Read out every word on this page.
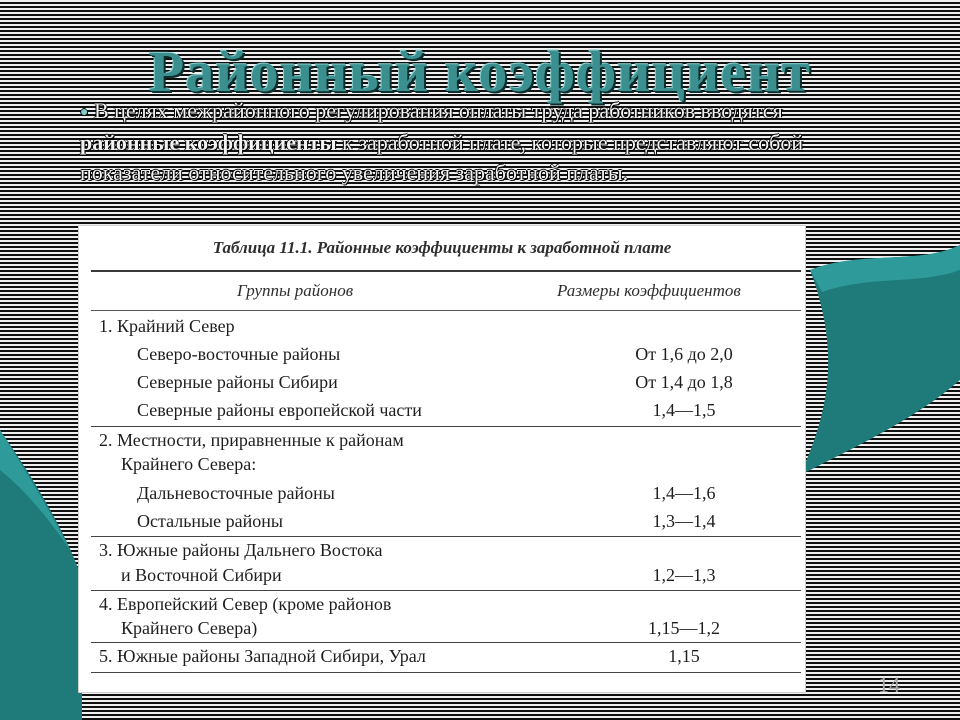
Районный коэффициент
● В целях межрайонного регулирования оплаты труда работников вводятся районные коэффициенты к заработной плате, которые представляют собой показатели относительного увеличения заработной платы.
Таблица 11.1. Районные коэффициенты к заработной плате
Группы районов	Размеры коэффициентов
1. Крайний Север
Северо-восточные районы	От 1,6 до 2,0
Северные районы Сибири	От 1,4 до 1,8
Северные районы европейской части	1,4—1,5
2. Местности, приравненные к районам
Крайнего Севера:
Дальневосточные районы	1,4—1,6
Остальные районы	1,3—1,4
3. Южные районы Дальнего Востока
и Восточной Сибири	1,2—1,3
4. Европейский Север (кроме районов
Крайнего Севера)	1,15—1,2
5. Южные районы Западной Сибири, Урал	1,15
14
